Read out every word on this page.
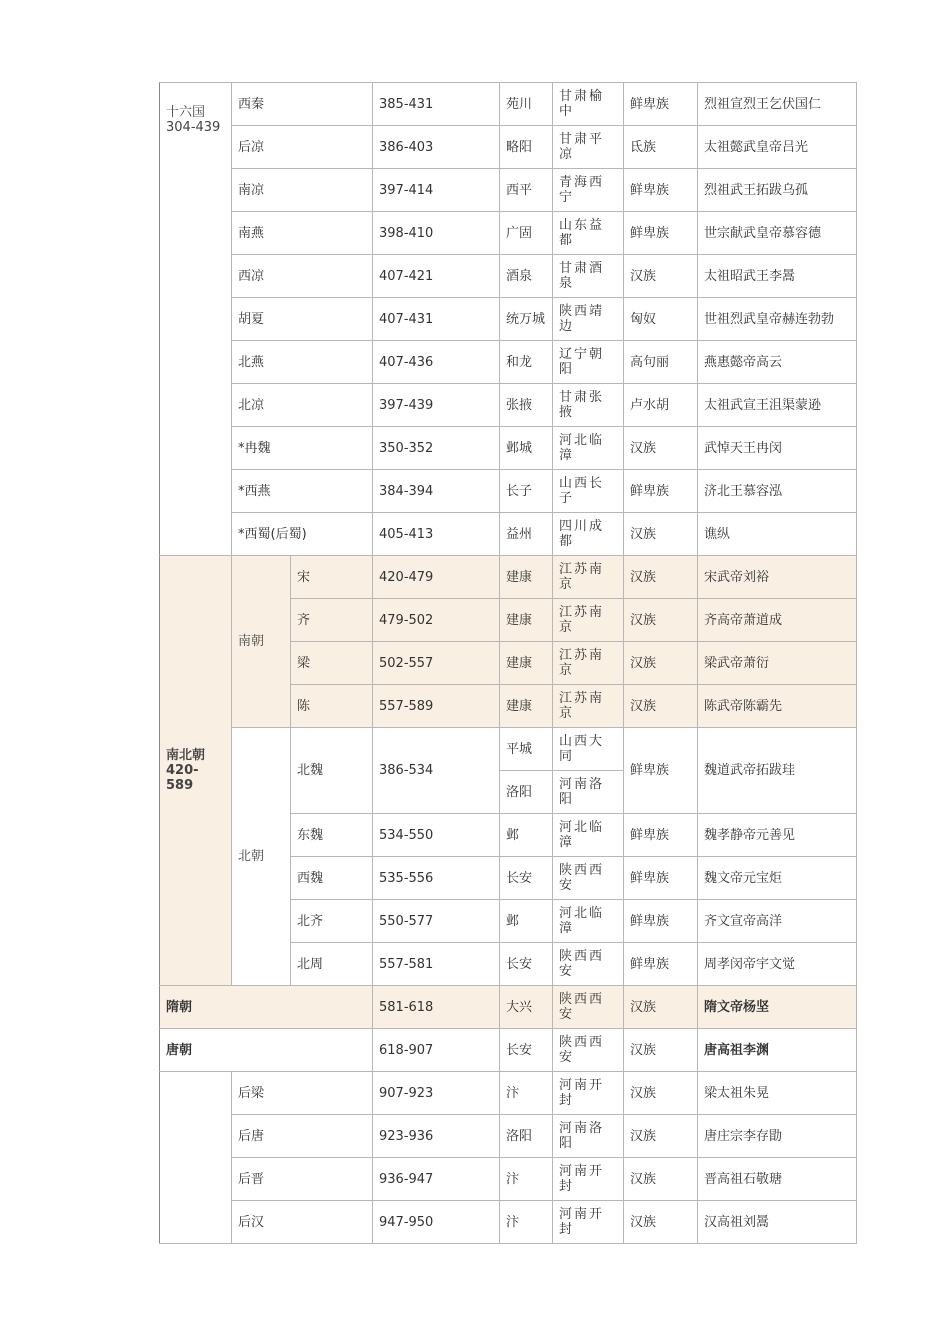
十六国
304-439	西秦		385-431	苑川	甘肃榆中	鲜卑族	烈祖宣烈王乞伏国仁
	后凉		386-403	略阳	甘肃平凉	氐族	太祖懿武皇帝吕光
	南凉		397-414	西平	青海西宁	鲜卑族	烈祖武王拓跋乌孤
	南燕		398-410	广固	山东益都	鲜卑族	世宗献武皇帝慕容德
	西凉		407-421	酒泉	甘肃酒泉	汉族	太祖昭武王李暠
	胡夏		407-431	统万城	陕西靖边	匈奴	世祖烈武皇帝赫连勃勃
	北燕		407-436	和龙	辽宁朝阳	高句丽	燕惠懿帝高云
	北凉		397-439	张掖	甘肃张掖	卢水胡	太祖武宣王沮渠蒙逊
	*冉魏		350-352	邺城	河北临漳	汉族	武悼天王冉闵
	*西燕		384-394	长子	山西长子	鲜卑族	济北王慕容泓
	*西蜀(后蜀)		405-413	益州	四川成都	汉族	谯纵

南北朝
420-589	南朝	宋	420-479	建康	江苏南京	汉族	宋武帝刘裕
		齐	479-502	建康	江苏南京	汉族	齐高帝萧道成
		梁	502-557	建康	江苏南京	汉族	梁武帝萧衍
		陈	557-589	建康	江苏南京	汉族	陈武帝陈霸先

	北朝	北魏	386-534	平城	山西大同	鲜卑族	魏道武帝拓跋珪
				洛阳	河南洛阳		
		东魏	534-550	邺	河北临漳	鲜卑族	魏孝静帝元善见
		西魏	535-556	长安	陕西西安	鲜卑族	魏文帝元宝炬
		北齐	550-577	邺	河北临漳	鲜卑族	齐文宣帝高洋
		北周	557-581	长安	陕西西安	鲜卑族	周孝闵帝宇文觉
隋朝			581-618	大兴	陕西西安	汉族	隋文帝杨坚
唐朝			618-907	长安	陕西西安	汉族	唐高祖李渊
	后梁		907-923	汴	河南开封	汉族	梁太祖朱晃
	后唐		923-936	洛阳	河南洛阳	汉族	唐庄宗李存勖
	后晋		936-947	汴	河南开封	汉族	晋高祖石敬瑭
	后汉		947-950	汴	河南开封	汉族	汉高祖刘暠
